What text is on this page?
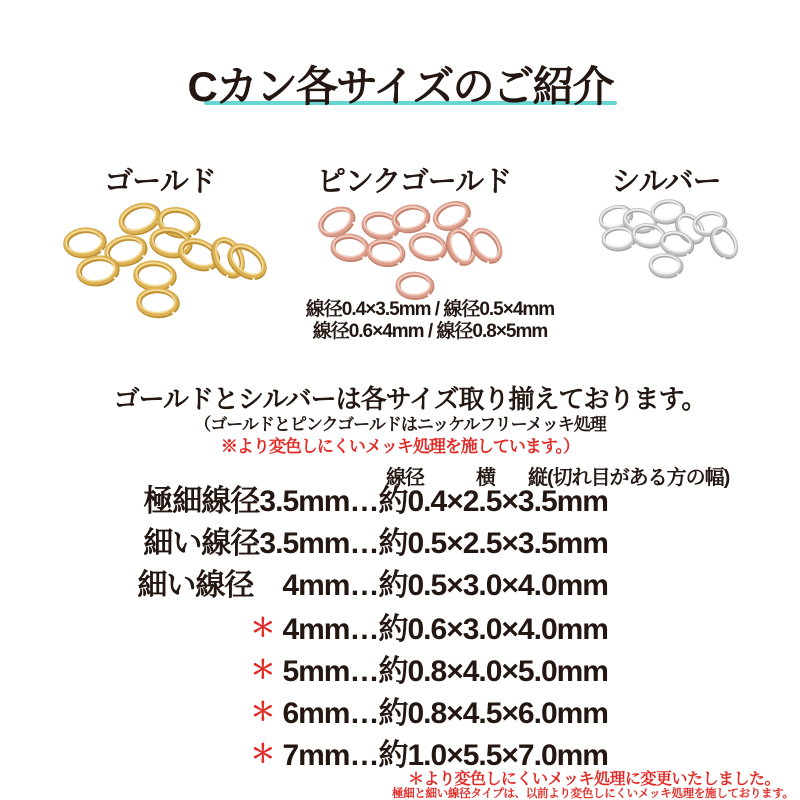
Cカン各サイズのご紹介
ゴールド	ピンクゴールド	シルバー
線径0.4×3.5mm / 線径0.5×4mm
線径0.6×4mm / 線径0.8×5mm
ゴールドとシルバーは各サイズ取り揃えております。
（ゴールドとピンクゴールドはニッケルフリーメッキ処理
※より変色しにくいメッキ処理を施しています。）
線径	横 縦(切れ目がある方の幅)
極細線径3.5mm…約0.4×2.5×3.5mm
細い線径3.5mm…約0.5×2.5×3.5mm
細い線径　4mm…約0.5×3.0×4.0mm
＊ 4mm…約0.6×3.0×4.0mm
＊ 5mm…約0.8×4.0×5.0mm
＊ 6mm…約0.8×4.5×6.0mm
＊ 7mm…約1.0×5.5×7.0mm
＊より変色しにくいメッキ処理に変更いたしました。
極細と細い線径タイプは、以前より変色しにくいメッキ処理を施しております。
